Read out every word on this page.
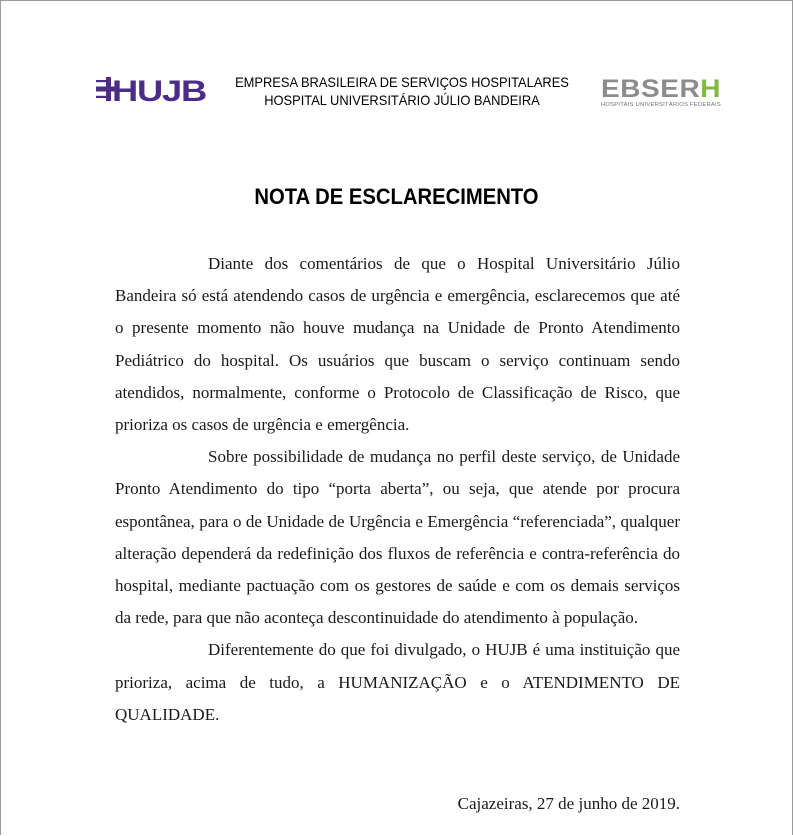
HUJB EMPRESA BRASILEIRA DE SERVIÇOS HOSPITALARES
HOSPITAL UNIVERSITÁRIO JÚLIO BANDEIRA	EBSER H
HOSPITAIS UNIVERSITÁRIOS FEDERAIS
NOTA DE ESCLARECIMENTO

Diante dos comentários de que o Hospital Universitário Júlio Bandeira só está atendendo casos de urgência e emergência, esclarecemos que até o presente momento não houve mudança na Unidade de Pronto Atendimento Pediátrico do hospital. Os usuários que buscam o serviço continuam sendo atendidos, normalmente, conforme o Protocolo de Classificação de Risco, que prioriza os casos de urgência e emergência.

Sobre possibilidade de mudança no perfil deste serviço, de Unidade Pronto Atendimento do tipo “porta aberta”, ou seja, que atende por procura espontânea, para o de Unidade de Urgência e Emergência “referenciada”, qualquer alteração dependerá da redefinição dos fluxos de referência e contra-referência do hospital, mediante pactuação com os gestores de saúde e com os demais serviços da rede, para que não aconteça descontinuidade do atendimento à população.

Diferentemente do que foi divulgado, o HUJB é uma instituição que prioriza, acima de tudo, a HUMANIZAÇÃO e o ATENDIMENTO DE QUALIDADE.

Cajazeiras, 27 de junho de 2019.
